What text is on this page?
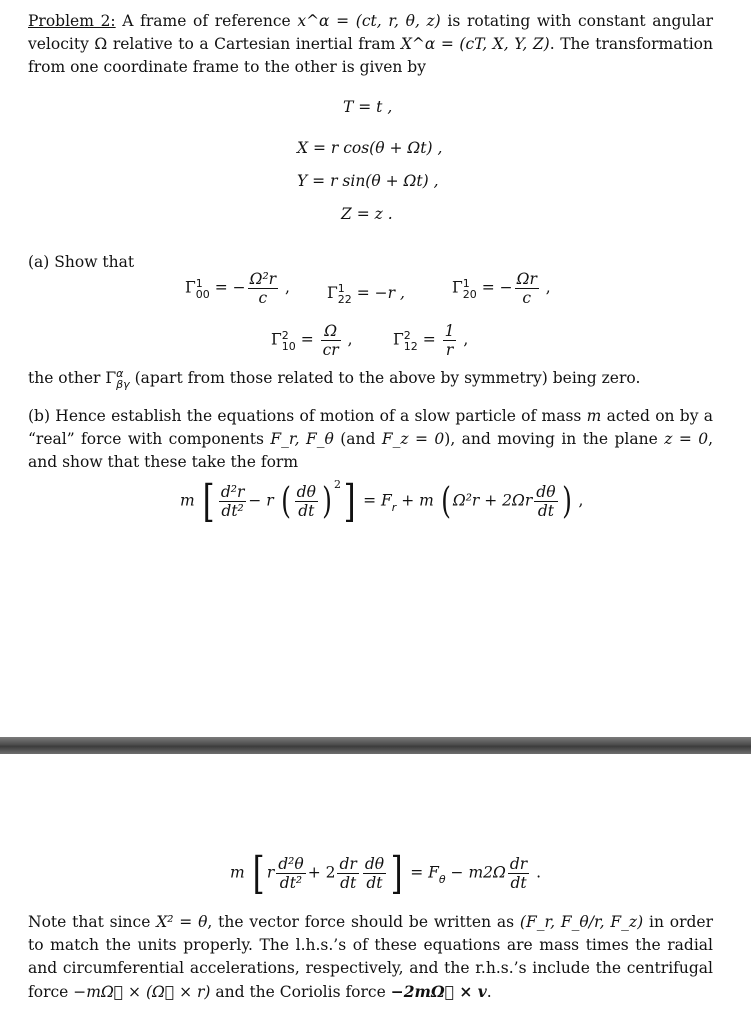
Problem 2: A frame of reference x^α = (ct, r, θ, z) is rotating with constant angular velocity Ω relative to a Cartesian inertial fram X^α = (cT, X, Y, Z). The transformation from one coordinate frame to the other is given by
T = t ,
X = r cos(θ + Ωt) ,
Y = r sin(θ + Ωt) ,
Z = z .
(a) Show that
Γ 1
00 = − $\frac{\text{Ω²r}}{c}$ , Γ 1
22 = −r ,	Γ 1
20 = − $\frac{\Omega r}{c}$ ,
Γ 2
$10 = \frac{\Omega}{cr}$ ,	Γ 2
$12 = \frac{1}{r}$ ,
the other Γ α
βγ (apart from those related to the above by symmetry) being zero.
(b) Hence establish the equations of motion of a slow particle of mass m acted on by a “real” force with components F_r, F_θ (and F_z = 0), and moving in the plane z = 0, and show that these take the form
m [ $\frac{\text{d²r}}{\text{dt²}} - r$ ( $\frac{d\theta}{dt}$ ) $^2] = F_r + m$ ( $\Omega^2r + 2\Omega r \frac{d\theta}{dt}$ ) ,
m [ r $\frac{\text{d²θ}}{\text{dt²}} + 2 \frac{dr}{dt} \frac{d\theta}{dt}$ ] = $F_\theta - m2\Omega \frac{dr}{dt}$ .
Note that since X² = θ, the vector force should be written as (F_r, F_θ/r, F_z) in order to match the units properly. The l.h.s.’s of these equations are mass times the radial and circumferential accelerations, respectively, and the r.h.s.’s include the centrifugal force −mΩ⃗ × (Ω⃗ × r) and the Coriolis force −2mΩ⃗ × v.
